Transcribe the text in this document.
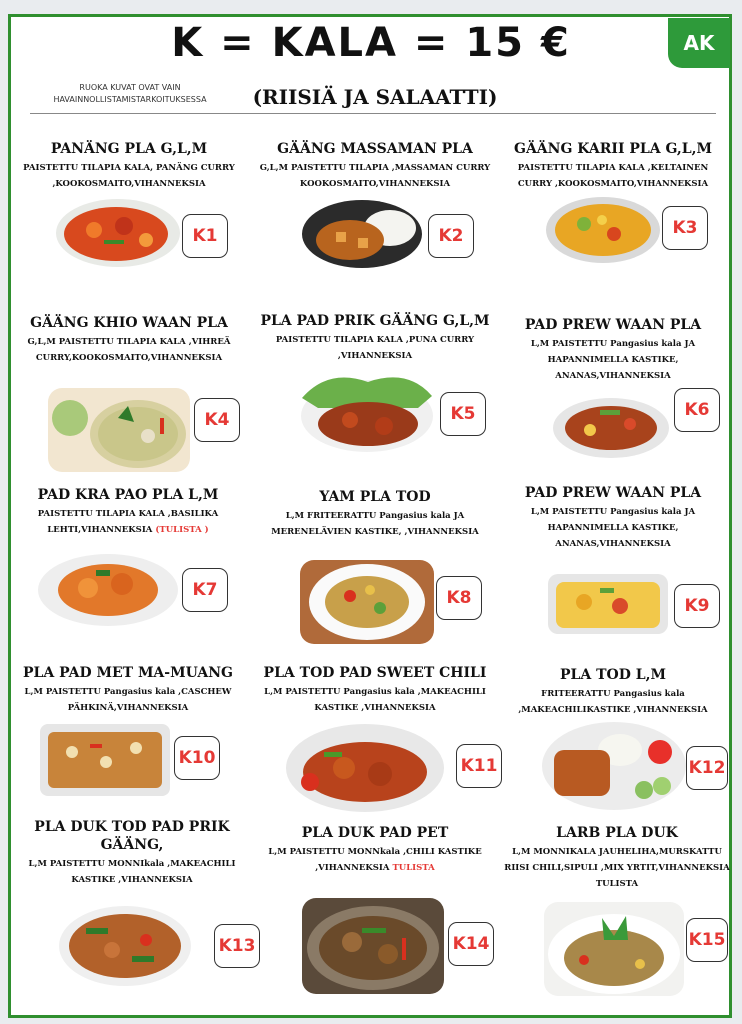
K = KALA = 15 €	AK
RUOKA KUVAT OVAT VAIN HAVAINNOLLISTAMISTARKOITUKSESSA	(RIISIÄ JA SALAATTI)
PANÄNG PLA G,L,M
PAISTETTU TILAPIA KALA, PANÄNG CURRY ,KOOKOSMAITO,VIHANNEKSIA
K1
GÄÄNG MASSAMAN PLA
G,L,M PAISTETTU TILAPIA ,MASSAMAN CURRY KOOKOSMAITO,VIHANNEKSIA
K2
GÄÄNG KARII PLA G,L,M
PAISTETTU TILAPIA KALA ,KELTAINEN CURRY ,KOOKOSMAITO,VIHANNEKSIA
K3
GÄÄNG KHIO WAAN PLA
G,L,M PAISTETTU TILAPIA KALA ,VIHREÄ CURRY,KOOKOSMAITO,VIHANNEKSIA
K4
PLA PAD PRIK GÄÄNG G,L,M
PAISTETTU TILAPIA KALA ,PUNA CURRY ,VIHANNEKSIA
K5
PAD PREW WAAN PLA
L,M PAISTETTU Pangasius kala JA HAPANNIMELLA KASTIKE, ANANAS,VIHANNEKSIA
K6
PAD KRA PAO PLA L,M
PAISTETTU TILAPIA KALA ,BASILIKA LEHTI,VIHANNEKSIA (TULISTA )
K7
YAM PLA TOD
L,M FRITEERATTU Pangasius kala JA MERENELÄVIEN KASTIKE, ,VIHANNEKSIA
K8
PAD PREW WAAN PLA
L,M PAISTETTU Pangasius kala JA HAPANNIMELLA KASTIKE, ANANAS,VIHANNEKSIA
K9
PLA PAD MET MA-MUANG
L,M PAISTETTU Pangasius kala ,CASCHEW PÄHKINÄ,VIHANNEKSIA
K10
PLA TOD PAD SWEET CHILI
L,M PAISTETTU Pangasius kala ,MAKEACHILI KASTIKE ,VIHANNEKSIA
K11
PLA TOD L,M
FRITEERATTU Pangasius kala ,MAKEACHILIKASTIKE ,VIHANNEKSIA
K12
PLA DUK TOD PAD PRIK GÄÄNG,
L,M PAISTETTU MONNIkala ,MAKEACHILI KASTIKE ,VIHANNEKSIA
K13
PLA DUK PAD PET
L,M PAISTETTU MONNkala ,CHILI KASTIKE ,VIHANNEKSIA TULISTA
K14
LARB PLA DUK
L,M MONNIKALA JAUHELIHA,MURSKATTU RIISI CHILI,SIPULI ,MIX YRTIT,VIHANNEKSIA TULISTA
K15
